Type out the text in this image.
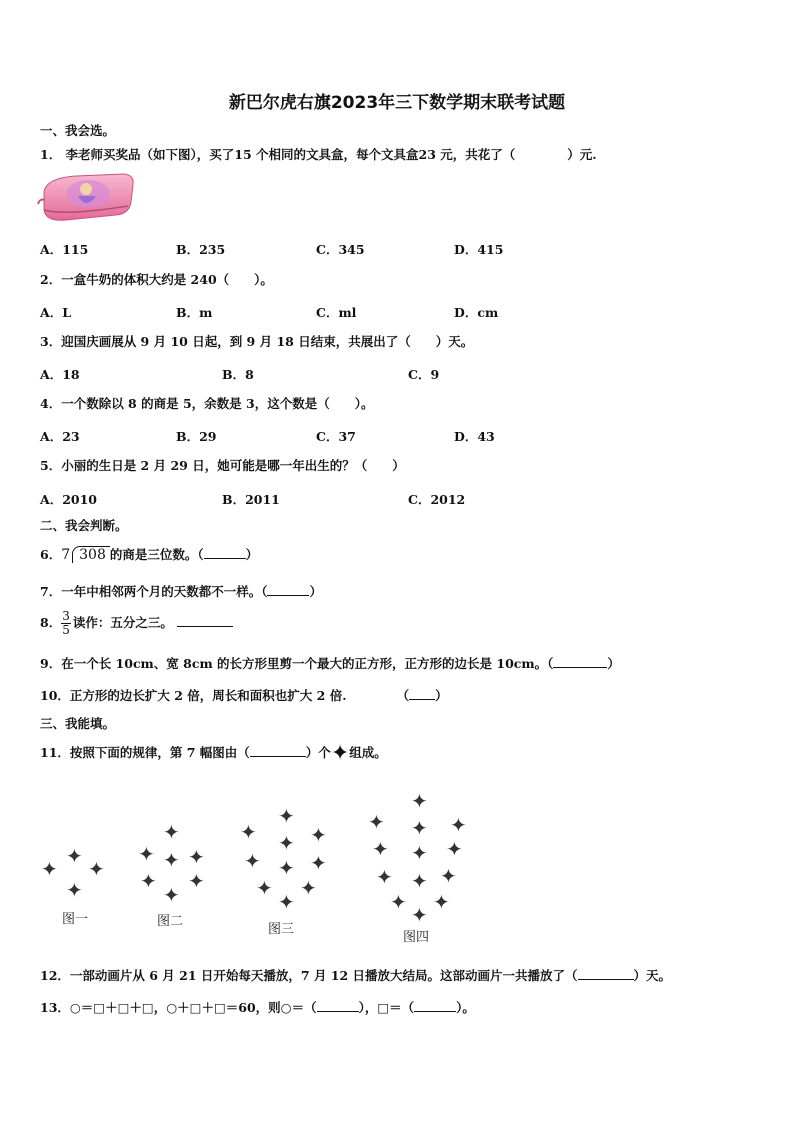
新巴尔虎右旗2023年三下数学期末联考试题
一、我会选。
1． 李老师买奖品（如下图），买了15 个相同的文具盒，每个文具盒23 元，共花了（	）元.
A．115	B．235	C．345	D．415
2．一盒牛奶的体积大约是 240（　　）。
A．L	B．m	C．ml	D．cm
3．迎国庆画展从 9 月 10 日起，到 9 月 18 日结束，共展出了（　　）天。
A．18	B．8	C．9
4．一个数除以 8 的商是 5，余数是 3，这个数是（　　）。
A．23	B．29	C．37	D．43
5．小丽的生日是 2 月 29 日，她可能是哪一年出生的？（　　）
A．2010	B．2011	C．2012
二、我会判断。
6．7 308 的商是三位数。（	）
7．一年中相邻两个月的天数都不一样。（	）
8． $\frac{3}{5}$ 读作：五分之三。
9．在一个长 10cm、宽 8cm 的长方形里剪一个最大的正方形，正方形的边长是 10cm。（	）
10．正方形的边长扩大 2 倍，周长和面积也扩大 2 倍.	（ ）
三、我能填。
11．按照下面的规律，第 7 幅图由（	）个✦组成。
✦
✦
✦
✦
图一
✦
✦ ✦ ✦
✦ ✦
✦
图二
✦
✦ ✦ ✦
✦ ✦ ✦
✦ ✦
✦
图三
✦
✦ ✦ ✦
✦ ✦ ✦
✦ ✦ ✦
✦ ✦
✦
图四
12．一部动画片从 6 月 21 日开始每天播放，7 月 12 日播放大结局。这部动画片一共播放了（	）天。
13．○＝□＋□＋□，○＋□＋□＝60，则○＝（	），□＝（	）。
